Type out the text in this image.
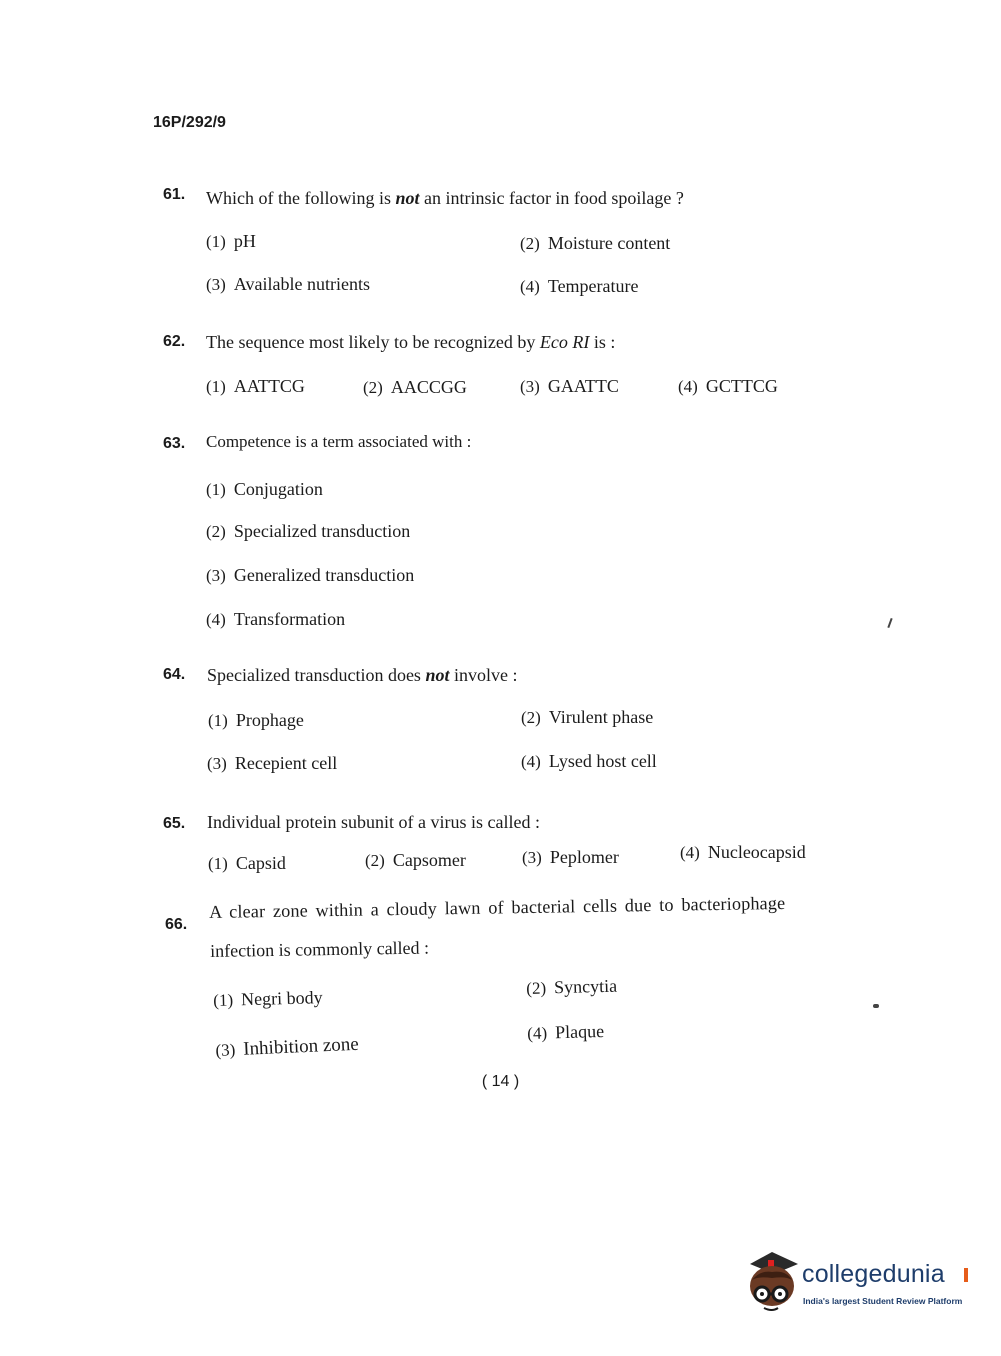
16P/292/9
61. Which of the following is not an intrinsic factor in food spoilage ?
(1) pH	(2) Moisture content
(3) Available nutrients	(4) Temperature
62. The sequence most likely to be recognized by Eco RI is :
(1) AATTCG	(2) AACCGG	(3) GAATTC	(4) GCTTCG
63. Competence is a term associated with :
(1) Conjugation
(2) Specialized transduction
(3) Generalized transduction
(4) Transformation
64. Specialized transduction does not involve :
(1) Prophage	(2) Virulent phase
(3) Recepient cell	(4) Lysed host cell
65. Individual protein subunit of a virus is called :
(1) Capsid	(2) Capsomer	(3) Peplomer	(4) Nucleocapsid
66.
A clear zone within a cloudy lawn of bacterial cells due to bacteriophage
infection is commonly called :
(1) Negri body	(2) Syncytia
(3) Inhibition zone
(4) Plaque
( 14 )
collegedunia
India's largest Student Review Platform
